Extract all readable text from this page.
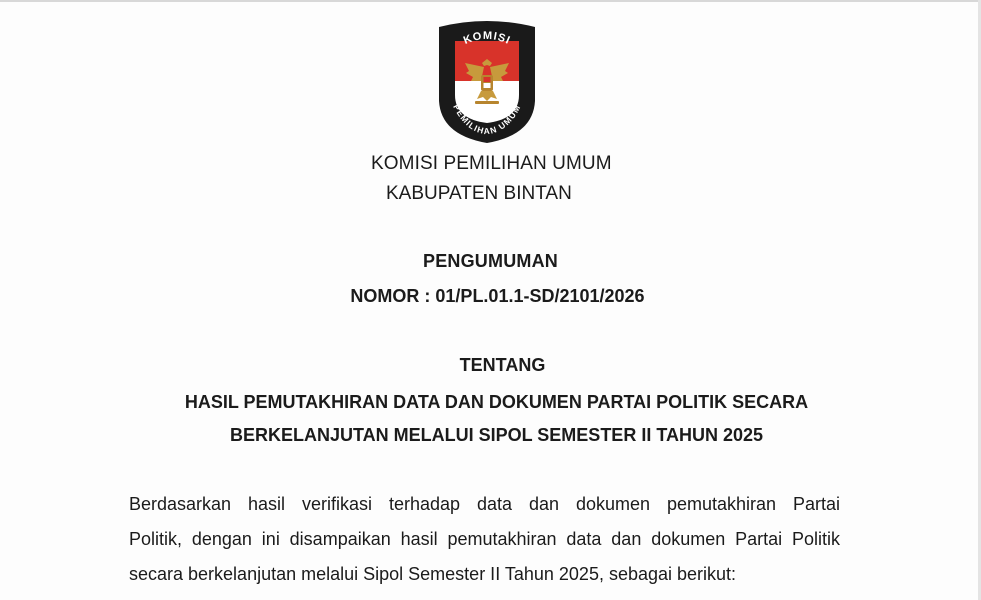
KOMISI
PEMILIHAN UMUM
KOMISI PEMILIHAN UMUM
KABUPATEN BINTAN
PENGUMUMAN
NOMOR : 01/PL.01.1-SD/2101/2026
TENTANG
HASIL PEMUTAKHIRAN DATA DAN DOKUMEN PARTAI POLITIK SECARA
BERKELANJUTAN MELALUI SIPOL SEMESTER II TAHUN 2025
Berdasarkan hasil verifikasi terhadap data dan dokumen pemutakhiran Partai
Politik, dengan ini disampaikan hasil pemutakhiran data dan dokumen Partai Politik
secara berkelanjutan melalui Sipol Semester II Tahun 2025, sebagai berikut:
